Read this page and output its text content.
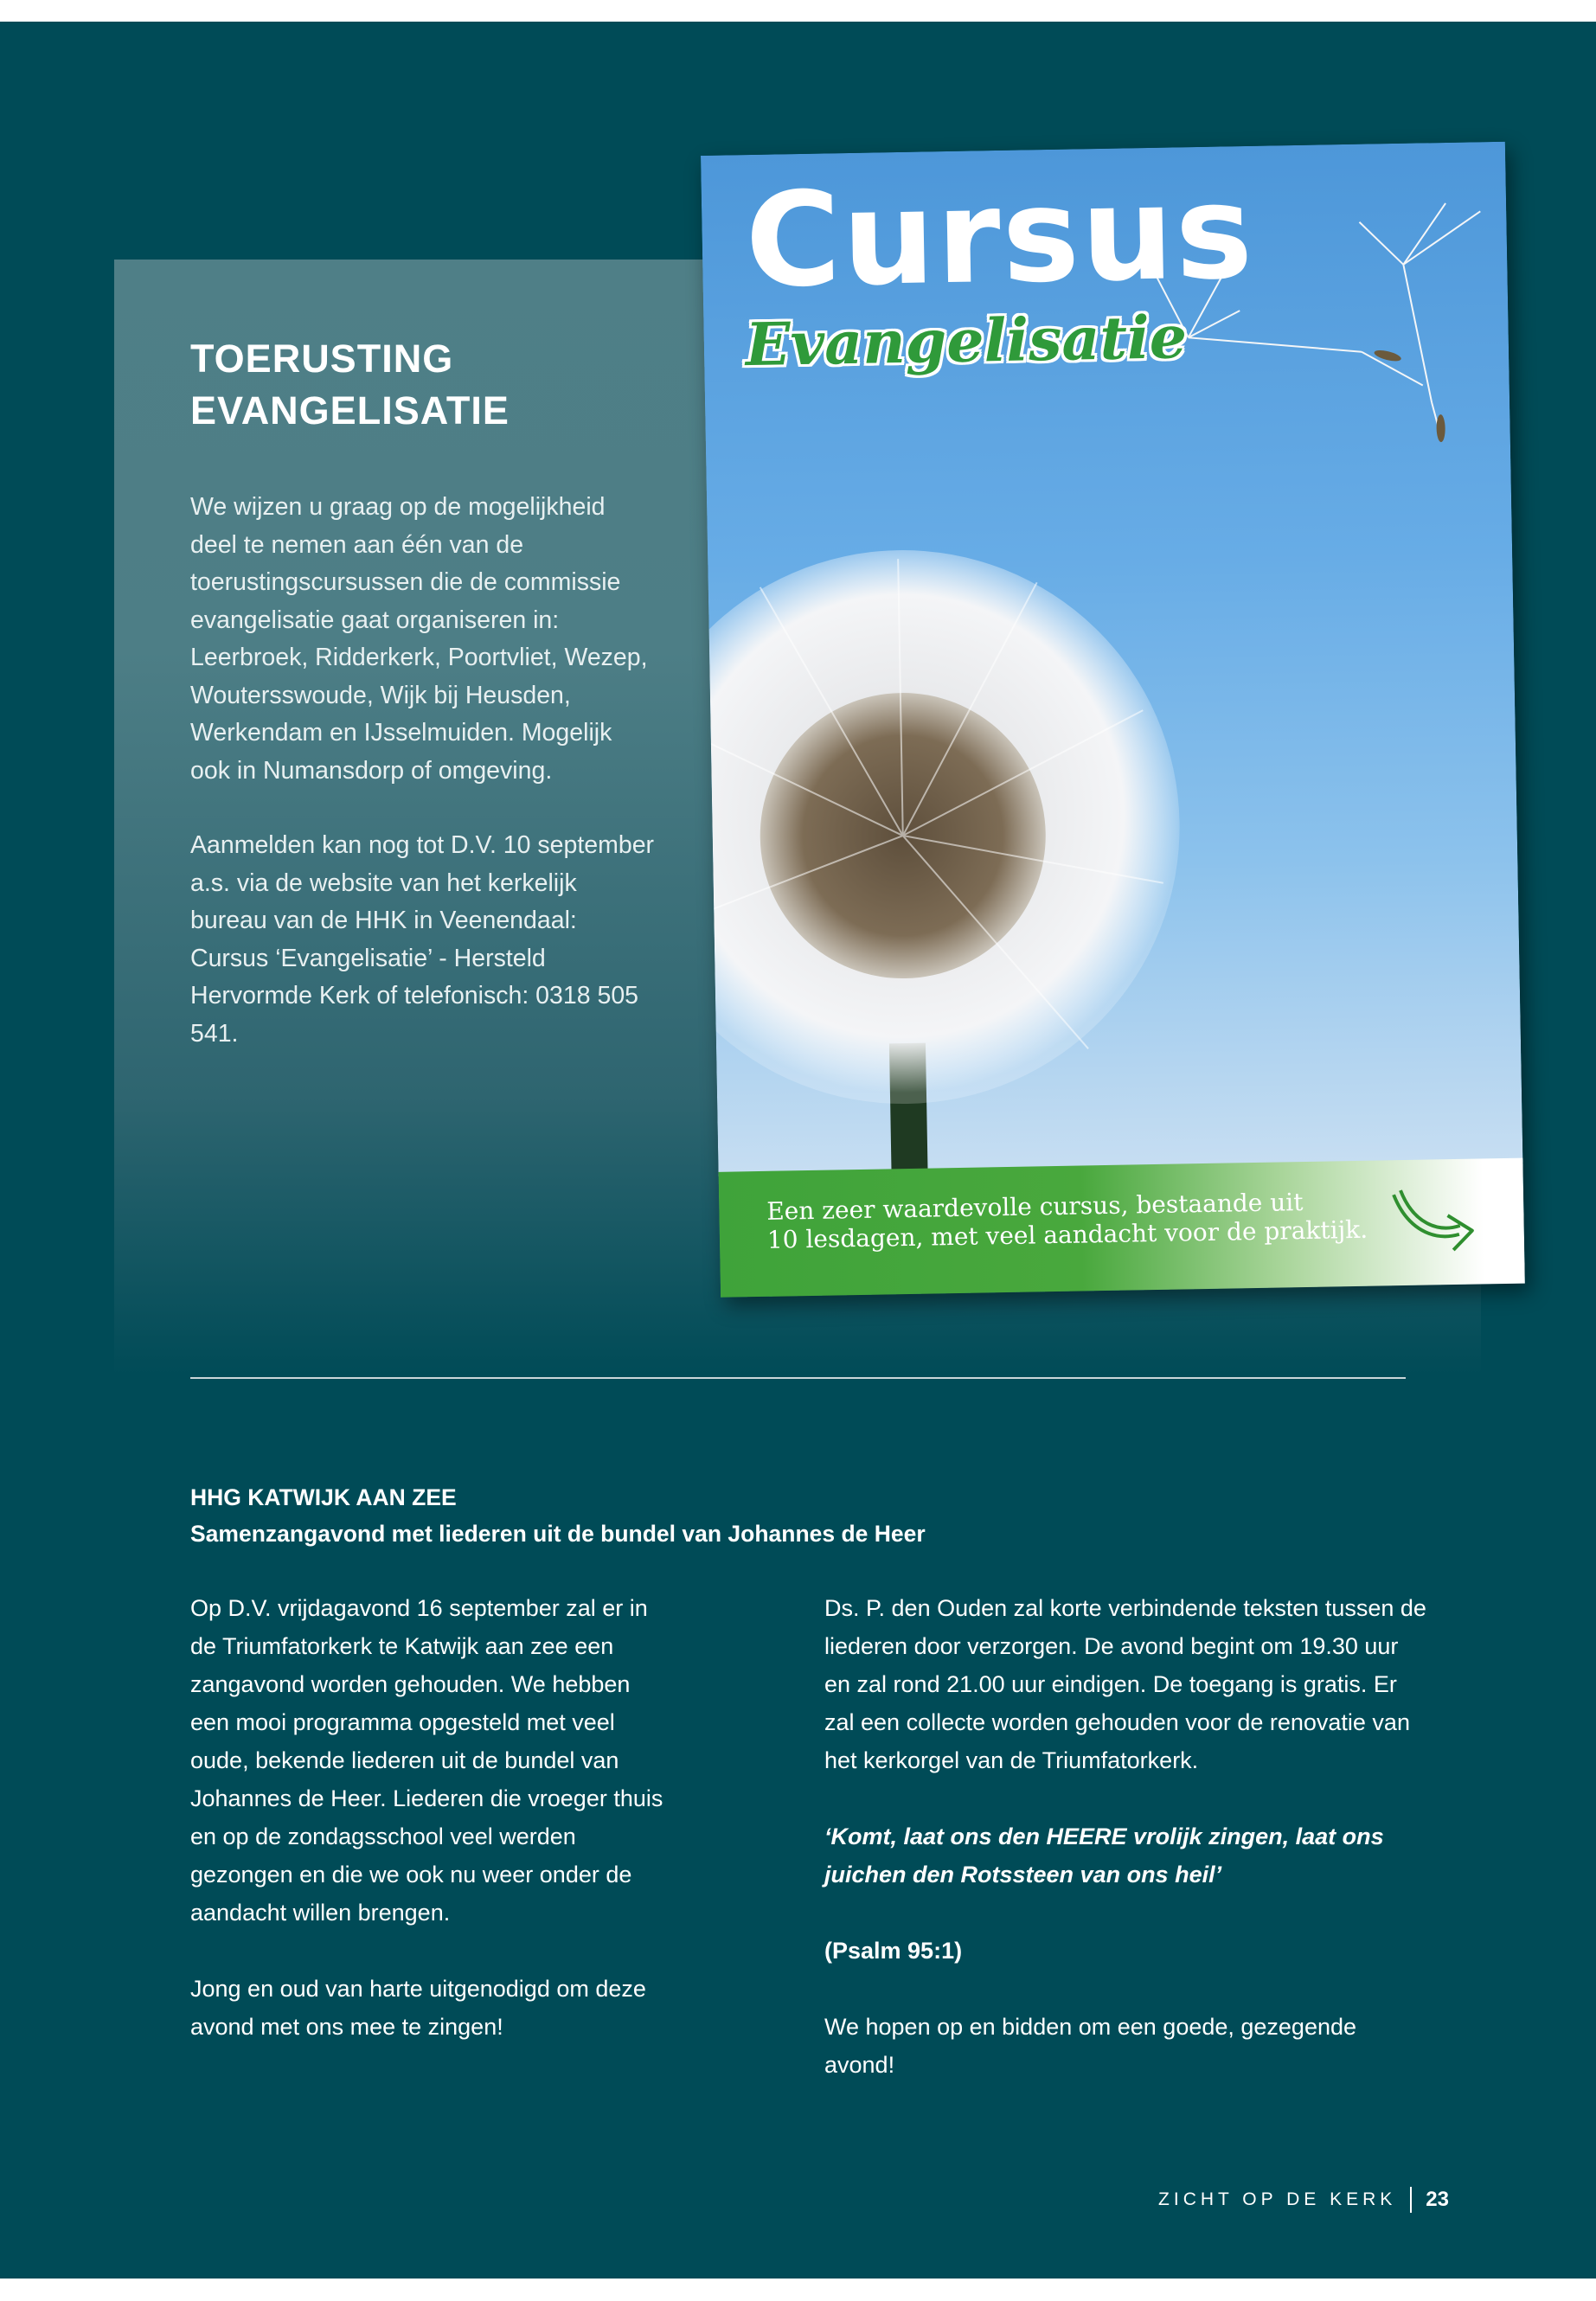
TOERUSTING
EVANGELISATIE

We wijzen u graag op de mogelijkheid deel te nemen aan één van de toerustingscursussen die de commissie evangelisatie gaat organiseren in: Leerbroek, Ridderkerk, Poortvliet, Wezep, Woutersswoude, Wijk bij Heusden, Werkendam en IJsselmuiden. Mogelijk ook in Numansdorp of omgeving.

Aanmelden kan nog tot D.V. 10 september a.s. via de website van het kerkelijk bureau van de HHK in Veenendaal: Cursus ‘Evangelisatie’ - Hersteld Hervormde Kerk of telefonisch: 0318 505 541.

Cursus
Evangelisatie

Een zeer waardevolle cursus, bestaande uit
10 lesdagen, met veel aandacht voor de praktijk.

HHG KATWIJK AAN ZEE
Samenzangavond met liederen uit de bundel van Johannes de Heer

Op D.V. vrijdagavond 16 september zal er in de Triumfatorkerk te Katwijk aan zee een zangavond worden gehouden. We hebben een mooi programma opgesteld met veel oude, bekende liederen uit de bundel van Johannes de Heer. Liederen die vroeger thuis en op de zondagsschool veel werden gezongen en die we ook nu weer onder de aandacht willen brengen.

Jong en oud van harte uitgenodigd om deze avond met ons mee te zingen!

Ds. P. den Ouden zal korte verbindende teksten tussen de liederen door verzorgen. De avond begint om 19.30 uur en zal rond 21.00 uur eindigen. De toegang is gratis. Er zal een collecte worden gehouden voor de renovatie van het kerkorgel van de Triumfatorkerk.

‘Komt, laat ons den HEERE vrolijk zingen, laat ons juichen den Rotssteen van ons heil’

(Psalm 95:1)

We hopen op en bidden om een goede, gezegende avond!

ZICHT OP DE KERK 23
